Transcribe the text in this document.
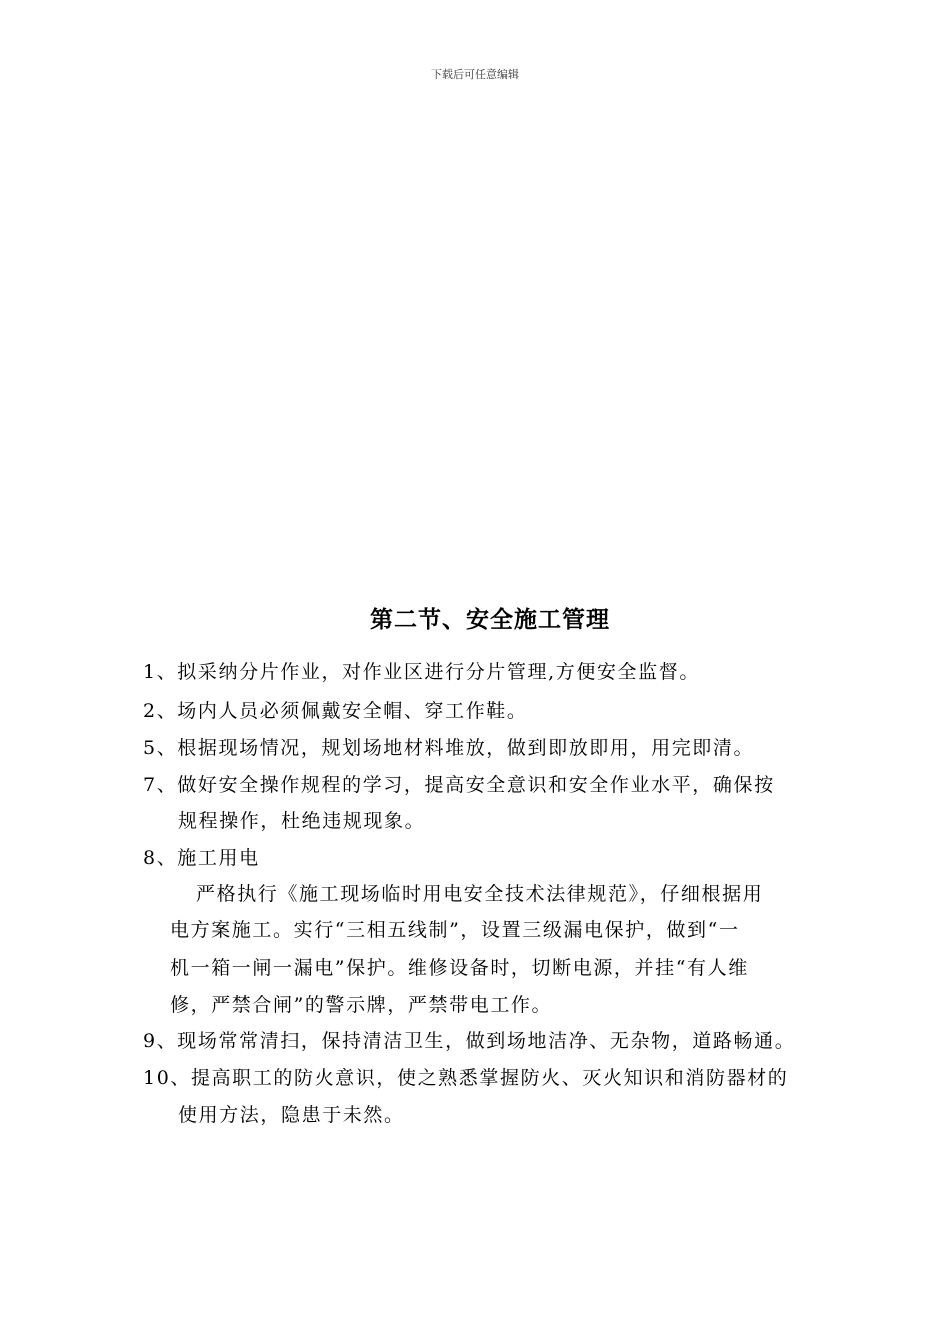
下载后可任意编辑
第二节、安全施工管理
1、拟采纳分片作业，对作业区进行分片管理,方便安全监督。
2、场内人员必须佩戴安全帽、穿工作鞋。
5、根据现场情况，规划场地材料堆放，做到即放即用，用完即清。
7、做好安全操作规程的学习，提高安全意识和安全作业水平，确保按
规程操作，杜绝违规现象。
8、施工用电
严格执行《施工现场临时用电安全技术法律规范》，仔细根据用
电方案施工。实行“三相五线制”，设置三级漏电保护，做到“一
机一箱一闸一漏电”保护。维修设备时，切断电源，并挂“有人维
修，严禁合闸”的警示牌，严禁带电工作。
9、现场常常清扫，保持清洁卫生，做到场地洁净、无杂物，道路畅通。
10、提高职工的防火意识，使之熟悉掌握防火、灭火知识和消防器材的
使用方法，隐患于未然。
